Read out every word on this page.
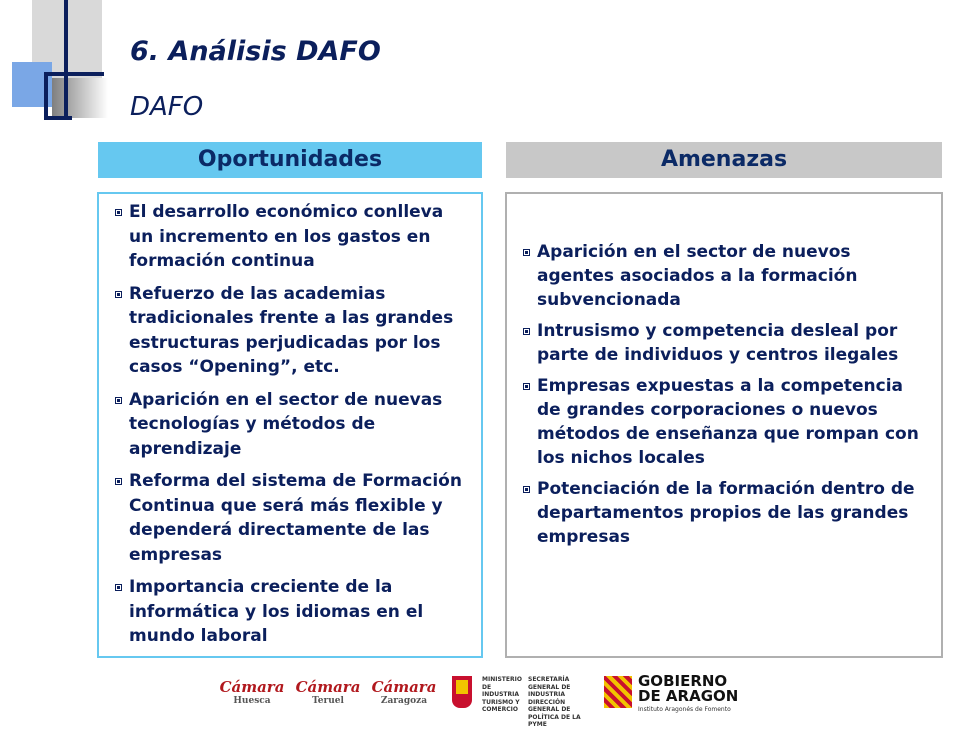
6. Análisis DAFO
DAFO
Oportunidades	Amenazas
El desarrollo económico conlleva un incremento en los gastos en formación continua
Refuerzo de las academias tradicionales frente a las grandes estructuras perjudicadas por los casos “Opening”, etc.
Aparición en el sector de nuevas tecnologías y métodos de aprendizaje
Reforma del sistema de Formación Continua que será más flexible y dependerá directamente de las empresas
Importancia creciente de la informática y los idiomas en el mundo laboral
Aparición en el sector de nuevos agentes asociados a la formación subvencionada
Intrusismo y competencia desleal por parte de individuos y centros ilegales
Empresas expuestas a la competencia de grandes corporaciones o nuevos métodos de enseñanza que rompan con los nichos locales
Potenciación de la formación dentro de departamentos propios de las grandes empresas
Cámara
Huesca
Cámara
Teruel
Cámara
Zaragoza
MINISTERIO
DE INDUSTRIA
TURISMO Y
COMERCIO
SECRETARÍA GENERAL DE
INDUSTRIA
DIRECCIÓN GENERAL DE
POLÍTICA DE LA PYME
GOBIERNO
DE ARAGON
Instituto Aragonés de Fomento
